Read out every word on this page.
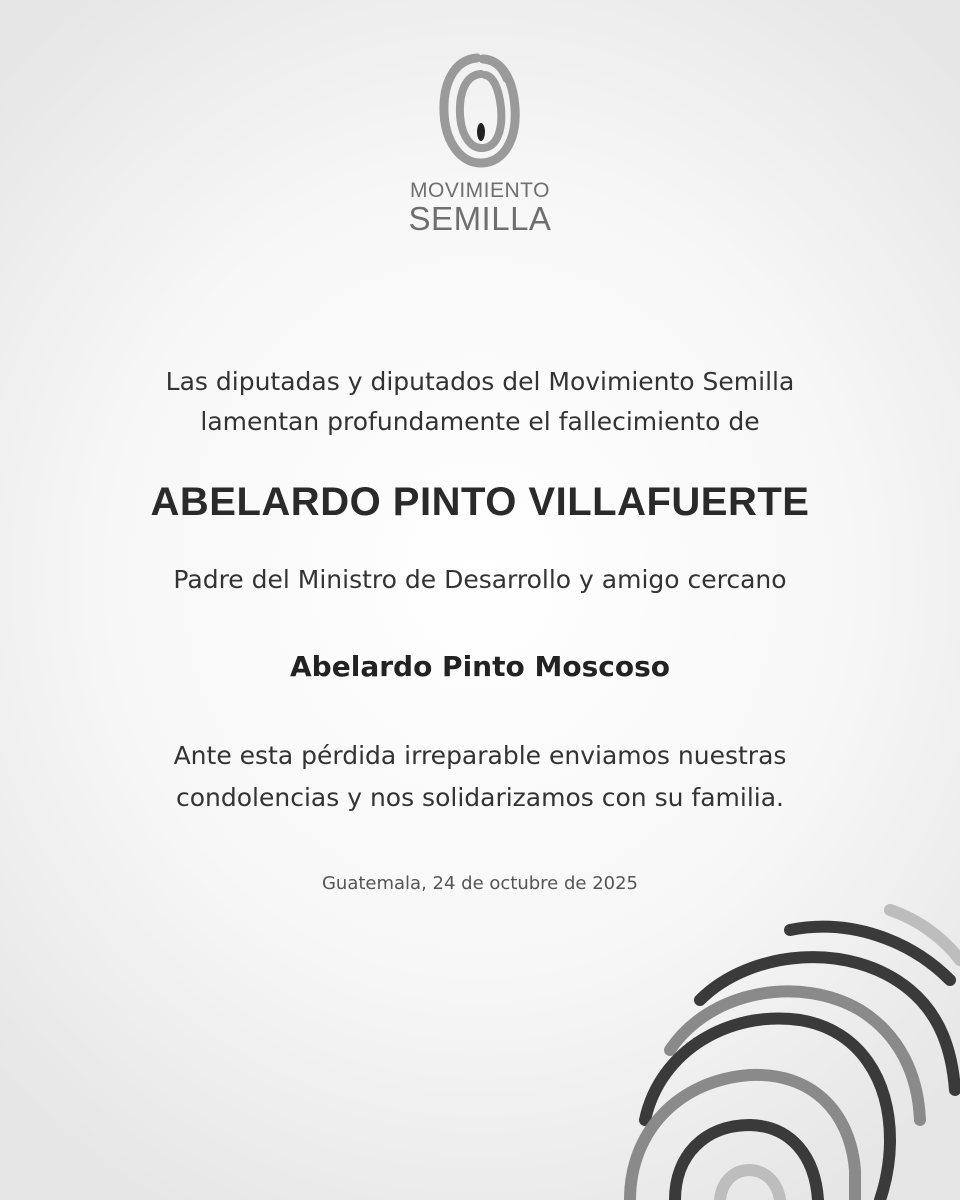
MOVIMIENTO
SEMILLA
Las diputadas y diputados del Movimiento Semilla
lamentan profundamente el fallecimiento de
ABELARDO PINTO VILLAFUERTE
Padre del Ministro de Desarrollo y amigo cercano
Abelardo Pinto Moscoso
Ante esta pérdida irreparable enviamos nuestras
condolencias y nos solidarizamos con su familia.
Guatemala, 24 de octubre de 2025
